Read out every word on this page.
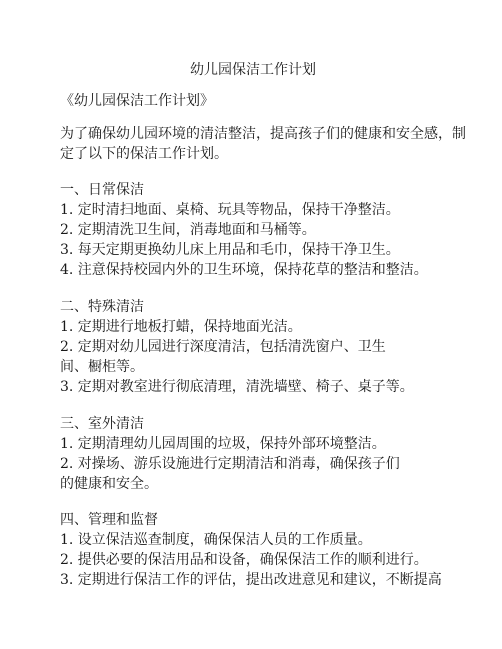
幼儿园保洁工作计划
《幼儿园保洁工作计划》
为了确保幼儿园环境的清洁整洁，提高孩子们的健康和安全感，制定了以下的保洁工作计划。
一、日常保洁
1. 定时清扫地面、桌椅、玩具等物品，保持干净整洁。
2. 定期清洗卫生间，消毒地面和马桶等。
3. 每天定期更换幼儿床上用品和毛巾，保持干净卫生。
4. 注意保持校园内外的卫生环境，保持花草的整洁和整洁。
二、特殊清洁
1. 定期进行地板打蜡，保持地面光洁。
2. 定期对幼儿园进行深度清洁，包括清洗窗户、卫生间、橱柜等。
3. 定期对教室进行彻底清理，清洗墙壁、椅子、桌子等。
三、室外清洁
1. 定期清理幼儿园周围的垃圾，保持外部环境整洁。
2. 对操场、游乐设施进行定期清洁和消毒，确保孩子们的健康和安全。
四、管理和监督
1. 设立保洁巡查制度，确保保洁人员的工作质量。
2. 提供必要的保洁用品和设备，确保保洁工作的顺利进行。
3. 定期进行保洁工作的评估，提出改进意见和建议，不断提高
